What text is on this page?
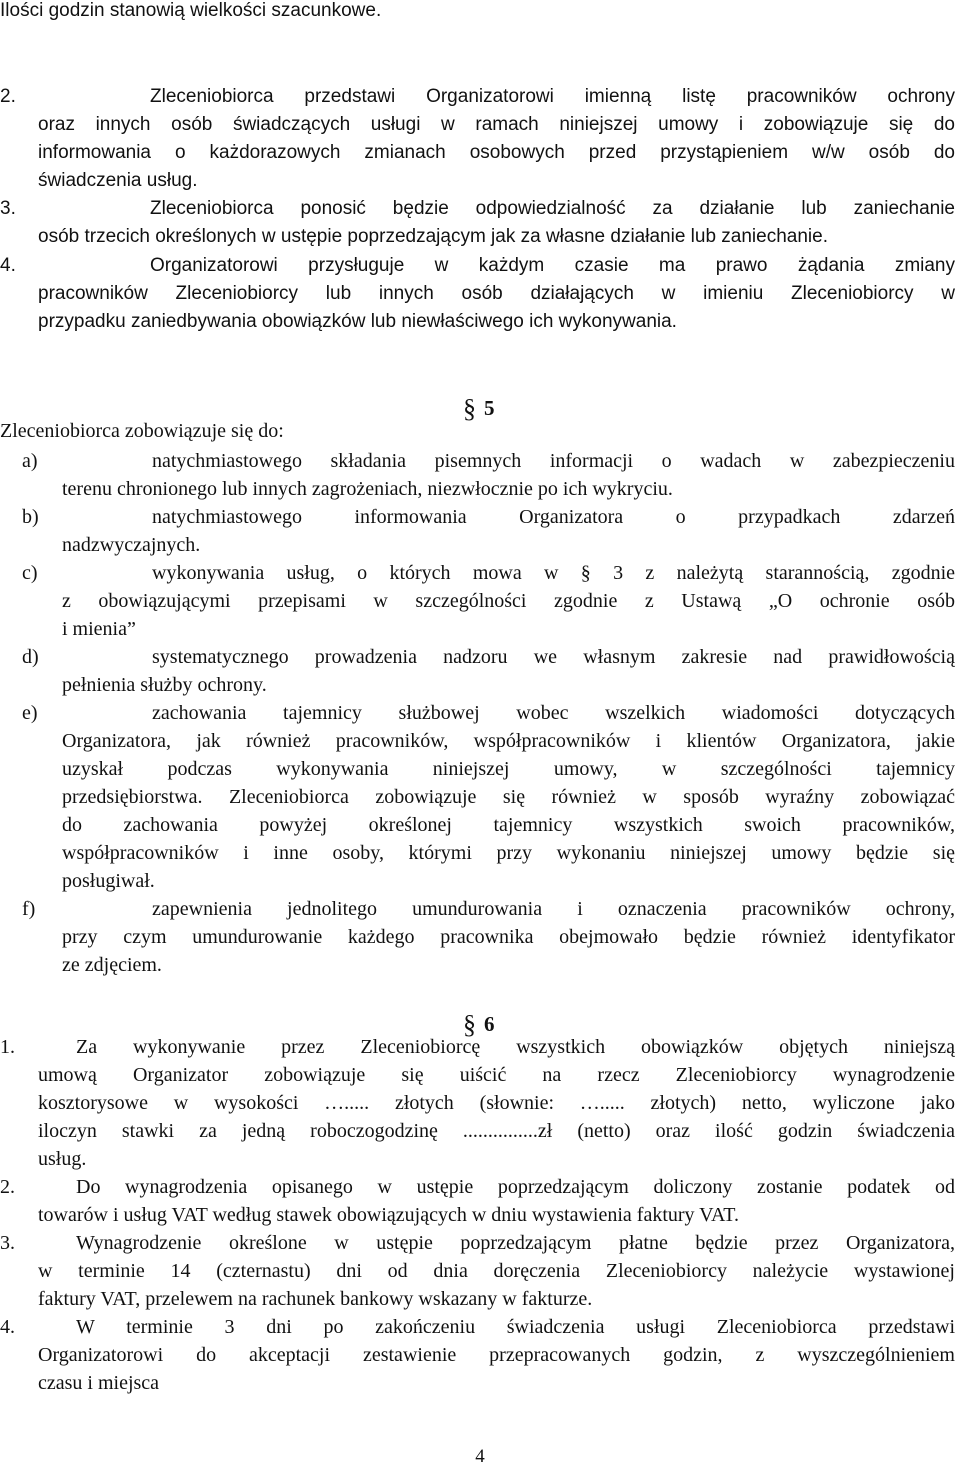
Ilości godzin stanowią wielkości szacunkowe.
2.	Zleceniobiorca przedstawi Organizatorowi imienną listę pracowników ochrony
oraz innych osób świadczących usługi w ramach niniejszej umowy i zobowiązuje się do
informowania o każdorazowych zmianach osobowych przed przystąpieniem w/w osób do
świadczenia usług.
3.	Zleceniobiorca ponosić będzie odpowiedzialność za działanie lub zaniechanie
osób trzecich określonych w ustępie poprzedzającym jak za własne działanie lub zaniechanie.
4.	Organizatorowi przysługuje w każdym czasie ma prawo żądania zmiany
pracowników Zleceniobiorcy lub innych osób działających w imieniu Zleceniobiorcy w
przypadku zaniedbywania obowiązków lub niewłaściwego ich wykonywania.
§ 5
Zleceniobiorca zobowiązuje się do:
a)	natychmiastowego składania pisemnych informacji o wadach w zabezpieczeniu
terenu chronionego lub innych zagrożeniach, niezwłocznie po ich wykryciu.
b)	natychmiastowego informowania Organizatora o przypadkach zdarzeń
nadzwyczajnych.
c)	wykonywania usług, o których mowa w § 3 z należytą starannością, zgodnie
z obowiązującymi przepisami w szczególności zgodnie z Ustawą „O ochronie osób
i mienia”
d)	systematycznego prowadzenia nadzoru we własnym zakresie nad prawidłowością
pełnienia służby ochrony.
e)	zachowania tajemnicy służbowej wobec wszelkich wiadomości dotyczących
Organizatora, jak również pracowników, współpracowników i klientów Organizatora, jakie
uzyskał podczas wykonywania niniejszej umowy, w szczególności tajemnicy
przedsiębiorstwa. Zleceniobiorca zobowiązuje się również w sposób wyraźny zobowiązać
do zachowania powyżej określonej tajemnicy wszystkich swoich pracowników,
współpracowników i inne osoby, którymi przy wykonaniu niniejszej umowy będzie się
posługiwał.
f)	zapewnienia jednolitego umundurowania i oznaczenia pracowników ochrony,
przy czym umundurowanie każdego pracownika obejmowało będzie również identyfikator
ze zdjęciem.
§ 6
1.	Za wykonywanie przez Zleceniobiorcę wszystkich obowiązków objętych niniejszą
umową Organizator zobowiązuje się uiścić na rzecz Zleceniobiorcy wynagrodzenie
kosztorysowe w wysokości …..... złotych (słownie: …..... złotych) netto, wyliczone jako
iloczyn stawki za jedną roboczogodzinę ...............zł (netto) oraz ilość godzin świadczenia
usług.
2.	Do wynagrodzenia opisanego w ustępie poprzedzającym doliczony zostanie podatek od
towarów i usług VAT według stawek obowiązujących w dniu wystawienia faktury VAT.
3.	Wynagrodzenie określone w ustępie poprzedzającym płatne będzie przez Organizatora,
w terminie 14 (czternastu) dni od dnia doręczenia Zleceniobiorcy należycie wystawionej
faktury VAT, przelewem na rachunek bankowy wskazany w fakturze.
4.	W terminie 3 dni po zakończeniu świadczenia usługi Zleceniobiorca przedstawi
Organizatorowi do akceptacji zestawienie przepracowanych godzin, z wyszczególnieniem
czasu i miejsca
4
